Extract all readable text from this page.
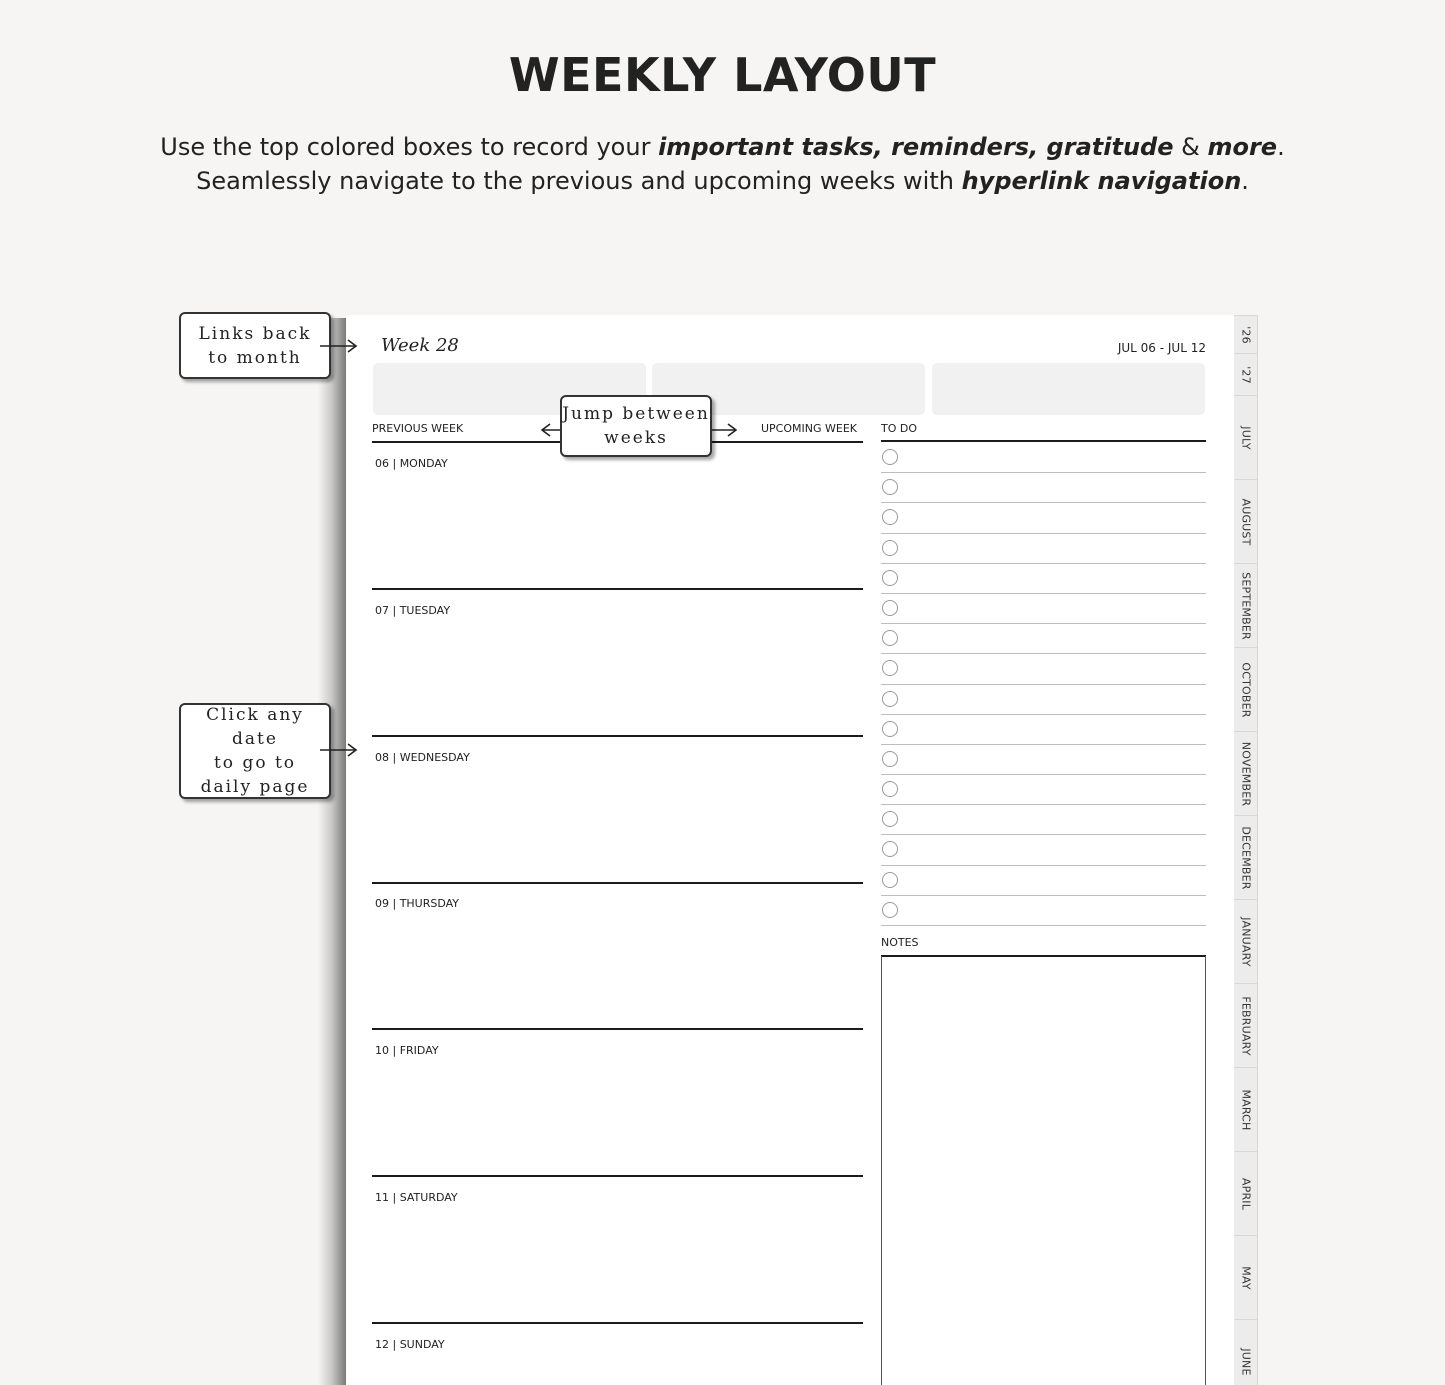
WEEKLY LAYOUT
Use the top colored boxes to record your important tasks, reminders, gratitude & more.
Seamlessly navigate to the previous and upcoming weeks with hyperlink navigation.
Week 28	JUL 06 - JUL 12
PREVIOUS WEEK	UPCOMING WEEK TO DO
NOTES
06 | MONDAY
07 | TUESDAY
08 | WEDNESDAY
09 | THURSDAY
10 | FRIDAY
11 | SATURDAY
12 | SUNDAY
'26
'27
JULY
AUGUST
SEPTEMBER
OCTOBER
NOVEMBER
DECEMBER
JANUARY
FEBRUARY
MARCH
APRIL
MAY
JUNE
Links back
to month
Jump between
weeks
Click any date
to go to
daily page
